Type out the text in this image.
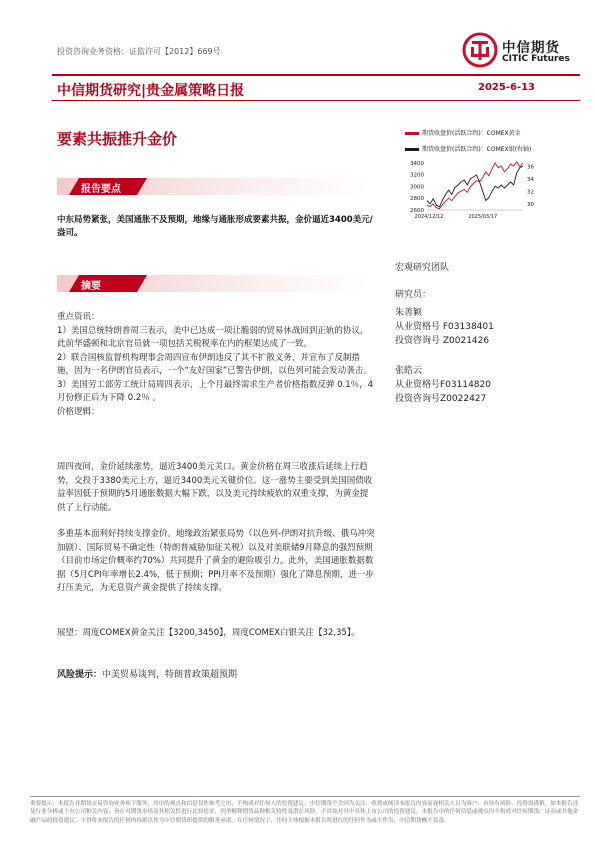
投资咨询业务资格：证监许可【2012】669号	中信期货
CITIC Futures
中信期货研究|贵金属策略日报	2025-6-13
要素共振推升金价
报告要点
中东局势紧张，美国通胀不及预期，地缘与通胀形成要素共振，金价逼近3400美元/盎司。
摘要
重点资讯：
1）美国总统特朗普周三表示，美中已达成一项让脆弱的贸易休战回到正轨的协议，此前华盛顿和北京官员就一项包括关税税率在内的框架达成了一致。
2）联合国核监督机构理事会周四宣布伊朗违反了其不扩散义务，并宣布了反制措施，因为一名伊朗官员表示，一个“友好国家”已警告伊朗，以色列可能会发动袭击。
3）美国劳工部劳工统计局周四表示，上个月最终需求生产者价格指数反弹 0.1％，4 月份修正后为下降 0.2％ 。
价格逻辑：
周四夜间，金价延续涨势，逼近3400美元关口。黄金价格在周三收涨后延续上行趋势，交投于3380美元上方，逼近3400美元关键价位。这一涨势主要受到美国国债收益率因低于预期的5月通胀数据大幅下跌，以及美元持续疲软的双重支撑，为黄金提供了上行动能。
多重基本面利好持续支撑金价。地缘政治紧张局势（以色列-伊朗对抗升级、俄乌冲突加剧）、国际贸易不确定性（特朗普威胁加征关税）以及对美联储9月降息的强烈预期（目前市场定价概率约70%）共同提升了黄金的避险吸引力。此外，美国通胀数据数据（5月CPI年率增长2.4%，低于预期；PPI月率不及预期）强化了降息预期，进一步打压美元，为无息资产黄金提供了持续支撑。
展望：周度COMEX黄金关注【3200,3450】，周度COMEX白银关注【32,35】。
风险提示：中美贸易谈判，特朗普政策超预期
期货收盘价(活跃合约)：COMEX黄金
期货收盘价(活跃合约)：COMEX银(右轴)
2600
2800
3000
3200
3400
30
32
34
36
2024/12/12	2025/03/17
宏观研究团队
研究员：
朱善颖
从业资格号 F03138401
投资咨询号 Z0021426
张皓云
从业资格号F03114820
投资咨询号Z0022427
重要提示：本报告非期货交易咨询业务项下服务，其中的观点和信息仅作参考之用，不构成对任何人的投资建议。中信期货不会因为关注、收到或阅读本报告内容而视相关人员为客户；市场有风险，投资需谨慎。如本报告涉及行业分析或上市公司相关内容，旨在对期货市场及其相关性进行比较论证，列举解释期货品种相关特性及潜在风险，不涉及对其中具体上市公司的投资建议，本报告中的任何信息或观点均不构成对任何期货、证券或其他金融产品的投资建议。不得将本报告的任何内容据以作为中信期货所提供的服务承诺。在任何情况下，任何主体根据本报告所进行的任何作为或不作为，中信期货概不负责。
